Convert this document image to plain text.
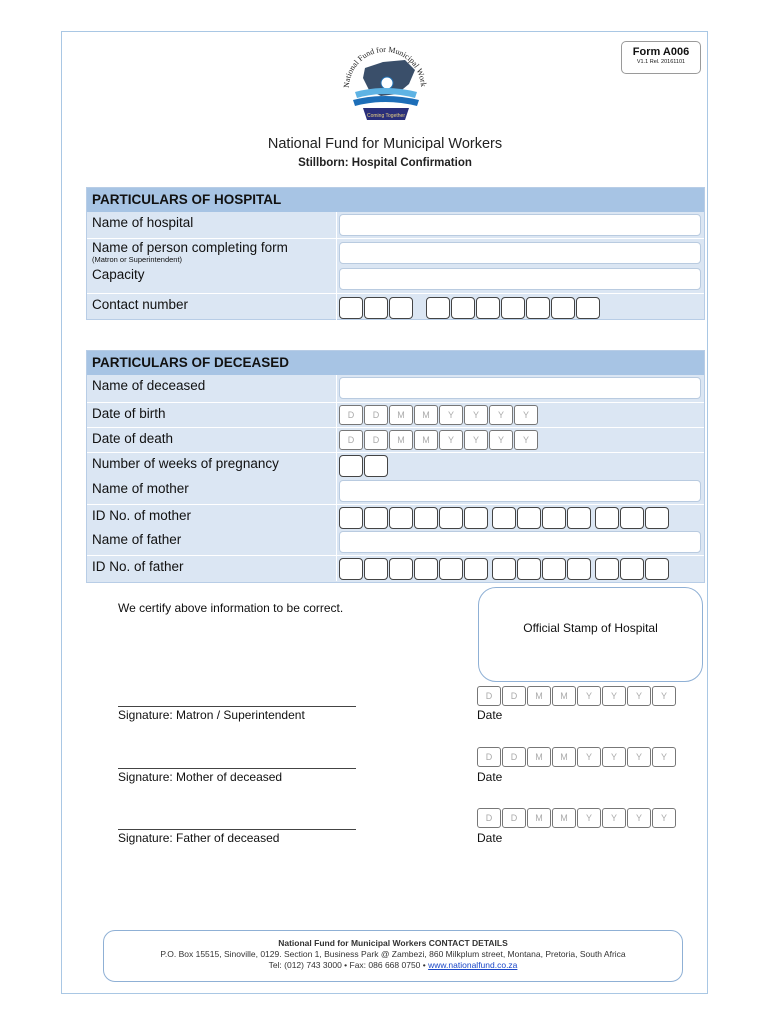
Form A006
V1.1 Rel. 20161101
National Fund for Municipal Work
Coming Together
National Fund for Municipal Workers
Stillborn: Hospital Confirmation
PARTICULARS OF HOSPITAL
Name of hospital
Name of person completing form
(Matron or Superintendent)
Capacity
Contact number
PARTICULARS OF DECEASED
Name of deceased
Date of birth	D	D	M	M	Y	Y	Y	Y
Date of death	D	D	M	M	Y	Y	Y	Y
Number of weeks of pregnancy
Name of mother
ID No. of mother
Name of father
ID No. of father
We certify above information to be correct.
Official Stamp of Hospital
Signature: Matron / Superintendent
D	D	M	M	Y	Y	Y	Y
Date
Signature: Mother of deceased
D	D	M	M	Y	Y	Y	Y
Date
Signature: Father of deceased
D	D	M	M	Y	Y	Y	Y
Date
National Fund for Municipal Workers CONTACT DETAILS
P.O. Box 15515, Sinoville, 0129. Section 1, Business Park @ Zambezi, 860 Milkplum street, Montana, Pretoria, South Africa
Tel: (012) 743 3000 • Fax: 086 668 0750 • www.nationalfund.co.za
